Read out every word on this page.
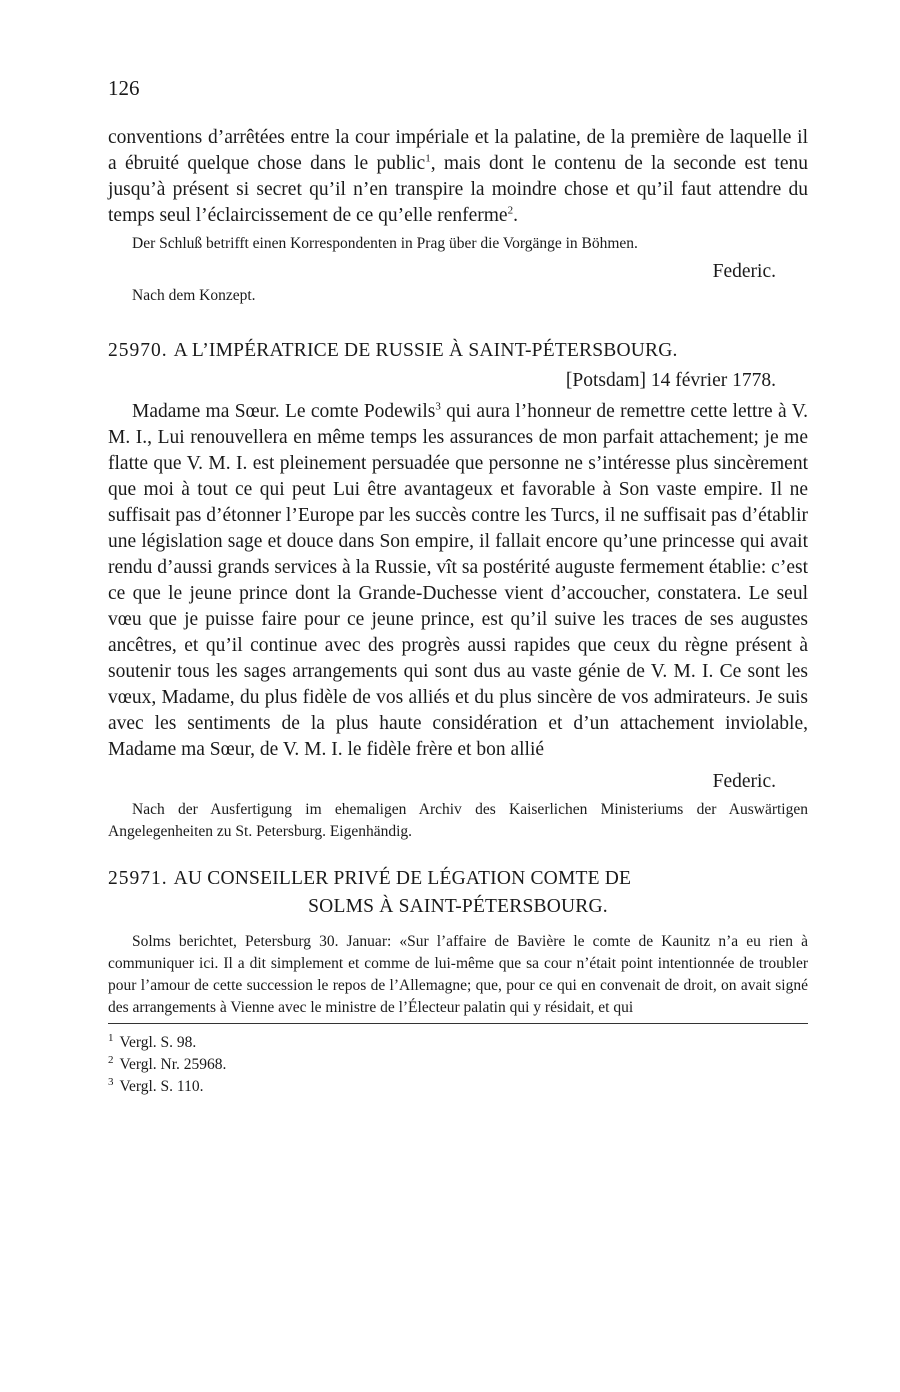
126

conventions d’arrêtées entre la cour impériale et la palatine, de la première de laquelle il a ébruité quelque chose dans le public$^1$, mais dont le contenu de la seconde est tenu jusqu’à présent si secret qu’il n’en transpire la moindre chose et qu’il faut attendre du temps seul l’éclaircissement de ce qu’elle renferme$^2$.

Der Schluß betrifft einen Korrespondenten in Prag über die Vorgänge in Böhmen.

Federic.

Nach dem Konzept.

25970. A L’IMPÉRATRICE DE RUSSIE À SAINT-PÉTERSBOURG.
[Potsdam] 14 février 1778.

Madame ma Sœur. Le comte Podewils$^3$ qui aura l’honneur de remettre cette lettre à V. M. I., Lui renouvellera en même temps les assurances de mon parfait attachement; je me flatte que V. M. I. est pleinement persuadée que personne ne s’intéresse plus sincèrement que moi à tout ce qui peut Lui être avantageux et favorable à Son vaste empire. Il ne suffisait pas d’étonner l’Europe par les succès contre les Turcs, il ne suffisait pas d’établir une législation sage et douce dans Son empire, il fallait encore qu’une princesse qui avait rendu d’aussi grands services à la Russie, vît sa postérité auguste fermement établie: c’est ce que le jeune prince dont la Grande-Duchesse vient d’accoucher, constatera. Le seul vœu que je puisse faire pour ce jeune prince, est qu’il suive les traces de ses augustes ancêtres, et qu’il continue avec des progrès aussi rapides que ceux du règne présent à soutenir tous les sages arrangements qui sont dus au vaste génie de V. M. I. Ce sont les vœux, Madame, du plus fidèle de vos alliés et du plus sincère de vos admirateurs. Je suis avec les sentiments de la plus haute considération et d’un attachement inviolable, Madame ma Sœur, de V. M. I. le fidèle frère et bon allié

Federic.

Nach der Ausfertigung im ehemaligen Archiv des Kaiserlichen Ministeriums der Auswärtigen Angelegenheiten zu St. Petersburg. Eigenhändig.

25971. AU CONSEILLER PRIVÉ DE LÉGATION COMTE DE
SOLMS À SAINT-PÉTERSBOURG.

Solms berichtet, Petersburg 30. Januar: «Sur l’affaire de Bavière le comte de Kaunitz n’a eu rien à communiquer ici. Il a dit simplement et comme de lui-même que sa cour n’était point intentionnée de troubler pour l’amour de cette succession le repos de l’Allemagne; que, pour ce qui en convenait de droit, on avait signé des arrangements à Vienne avec le ministre de l’Électeur palatin qui y résidait, et qui

$^1$ Vergl. S. 98.
$^2$ Vergl. Nr. 25968.
$^3$ Vergl. S. 110.
